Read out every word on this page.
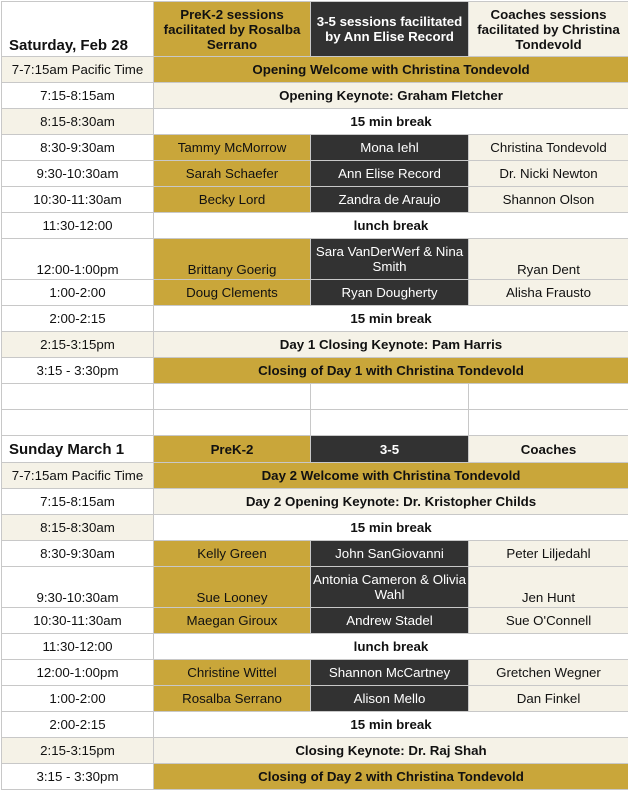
Saturday, Feb 28	PreK-2 sessions facilitated by Rosalba Serrano	3-5 sessions facilitated by Ann Elise Record	Coaches sessions facilitated by Christina Tondevold
7-7:15am Pacific Time	Opening Welcome with Christina Tondevold		
7:15-8:15am	Opening Keynote: Graham Fletcher		
8:15-8:30am	15 min break		
8:30-9:30am	Tammy McMorrow	Mona Iehl	Christina Tondevold
9:30-10:30am	Sarah Schaefer	Ann Elise Record	Dr. Nicki Newton
10:30-11:30am	Becky Lord	Zandra de Araujo	Shannon Olson
11:30-12:00	lunch break		
12:00-1:00pm	Brittany Goerig	Sara VanDerWerf & Nina Smith	Ryan Dent
1:00-2:00	Doug Clements	Ryan Dougherty	Alisha Frausto
2:00-2:15	15 min break		
2:15-3:15pm	Day 1 Closing Keynote: Pam Harris		
3:15 - 3:30pm	Closing of Day 1 with Christina Tondevold		

Sunday March 1	PreK-2	3-5	Coaches
7-7:15am Pacific Time	Day 2 Welcome with Christina Tondevold		
7:15-8:15am	Day 2 Opening Keynote: Dr. Kristopher Childs		
8:15-8:30am	15 min break		
8:30-9:30am	Kelly Green	John SanGiovanni	Peter Liljedahl
9:30-10:30am	Sue Looney	Antonia Cameron & Olivia Wahl	Jen Hunt
10:30-11:30am	Maegan Giroux	Andrew Stadel	Sue O'Connell
11:30-12:00	lunch break		
12:00-1:00pm	Christine Wittel	Shannon McCartney	Gretchen Wegner
1:00-2:00	Rosalba Serrano	Alison Mello	Dan Finkel
2:00-2:15	15 min break		
2:15-3:15pm	Closing Keynote: Dr. Raj Shah		
3:15 - 3:30pm	Closing of Day 2 with Christina Tondevold		
